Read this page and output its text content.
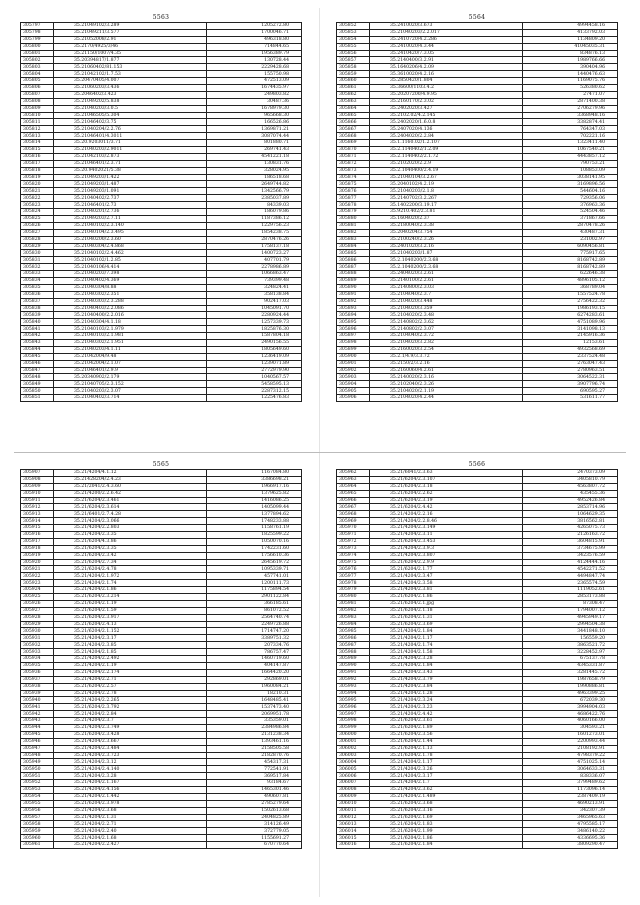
5563
305797	35.21049102/3.289	1205272.80
305798	35.21049211/3.577	1700046.71
305799	35.21052008/2.91	496318.80
305800	35.2170/4925/3/46	714844.65
305801	35.21150/1007/4.35	1956389.79
305802	35.20394817/1.877	130728.44
305803	35.21060402/81.153	2229428.68
305804	35.21042102/1.7.53	155750.98
305805	35.20470405/4.007	472513.09
305806	35.21060203/3.436	1674435.97
305807	35.2046402/3.423	249803.82
305808	35.21049202/5.838	30487.36
305809	35.21040203/3.0.5	1678979.30
305810	35.21046505/5.304	965668.30
305811	35.21046402/3.75	166526.86
305812	35.21040204/2.2.76	1369871.21
305813	35.21046401/4.3011	3087074.44
305814	35.20.9203011/3.71	801880.71
305815	35.21040203/2.9011	269741.43
305816	35.21042103/2.873	4541221.18
305817	35.21046401/2.3.71	130831.76
305818	35.20.9402021/5.38	328024.95
305819	35.21049203/1.422	186518.68
305820	35.21049203/1.487	2649744.82
305821	35.21049203/1.091	1342566.79
305822	35.21040402/2.737	2385037.89
305823	35.21046401/2.73	84339.03
305824	35.21040201/2.736	186079.86
305825	35.21049203/2.7.11	1187386.12
305826	35.21040102/2.3.140	1229756.23
305827	35.21040104/2.3.495	1854238.75
305828	35.21040200/2.3.60	2870476.26
305829	35.21040304/2.4.868	1758137.18
305830	35.21040102/2.4.462	1400723.27
305831	35.21040102/1.2.85	407701.79
305832	35.21040106/4.414	2278986.89
305833	35.21040203/7.398	1066863.47
305834	35.21040402/4.369	739399.48
305835	35.21040304/8.88	324824.41
305836	35.21040302/2.351	358138.84
305837	35.21040303/2.3.288	902417.03
305838	35.21040403/2.2.086	1045091.70
305839	35.21040400/2.2.016	2280924.44
305840	35.21040304/4.1.18	1257339.73
305841	35.21040103/2.1.979	1825876.30
305842	35.21040103/2.1.981	1587804.18
305843	35.21040302/2.1.951	2490156.55
305844	35.21040203/4.1.11	1805649.60
305845	35.21042004/9.48	1236419.09
305846	35.21042004/2.1.07	1239071.89
305847	35.21046401/2.9.9	2772979.90
305848	35.20340902/2.179	1040567.57
305849	35.21040705/2.3.152	5458595.13
305850	35.21040203/2.3.07	2287312.15
305851	35.21040402/3.714	1225476.83
5564
305852	35.2410020/3.673	4994458.16
305853	35.21040203/2.2.017	4133792.03
305854	35.2410720/4.2.286	1134809.20
305855	35.2410020/4.3.44	41045035.31
305856	35.2410420/7.3.05	834876.13
305857	35.2140400/3.2.91	1989766.66
305858	35.1640206/4.2.09	390404.96
305859	35.3610020/4.2.16	1440476.63
305860	35.2850420/1.804	1169075.76
305861	35.36600/1103.4.2	526380.62
305862	35.20207200/4.9.95	27471.07
305863	35.2160170/2.3.02	2871400.38
305864	35.2402020/3.427	2706279.96
305865	35.2102.02/4.2.145	3368948.16
305866	35.2402020/1.6.0.8	3382874.41
305867	35.2407020/4.136	764347.03
305868	35.2404020/2.2.84	702221.16
305869	35.1.1160.02/1.2.107	1323411.40
305870	35.2.1140402/1.2.09	1067540.21
305871	35.2.1140402/2.1.72	4443857.12
305872	35.2102020/2.2.9	790753.21
305873	35.2.1040400/2.4.19	108853.09
305874	35.21040104/3.2.67	3038141.95
305875	35.2040102/4.2.19	3169896.56
305876	35.21040203/2.1.8	544604.16
305877	35.2140702/3.2.267	729356.06
305878	35.1402200/3.19.17	376963.36
305879	35.9210.402/2.3.81	524504.46
305880	35.1604020/2.37	371867.66
305881	35.2180040/2.3.38	2870478.26
305882	35.2040204/3.754	430487.31
305883	35.2100240/2.3.26	231002.97
305884	35.2401020/3.2.16	6090456.81
305885	35.21040203/1.87	775917.65
305886	35.2.1040200/2.3.68	8168742.89
305887	35.2.1040200/2.3.68	8168742.89
305888	35.2404020/3.2.61	622646.38
305889	35.2140100/2.2.61	4896105.12
305890	35.2140800/2.3.03	368789.04
305891	35.2104040/2.3.7	1557524.78
305892	35.2104020/3.448	2756422.32
305893	35.2104020/3.359	1986193.15
305894	35.2104020/2.3.48	6274283.61
305895	35.2140802/2.3.62	4751089.96
305896	35.2140802/2.3.07	3141098.13
305897	35.2104040/2.3.72	2145916.36
305898	35.2104020/3.2.82	12153.61
305899	35.2160020/3.2.54	4932568.69
305900	35.2.1/4.9/3.3.72	2337524.48
305901	35.2150/2/3.2.16	2763047.43
305902	35.2160060/4.2.61	2780963.51
305903	35.2140020/2.3.16	3064522.31
305904	35.2102040/2.3.26	3907796.74
305905	35.2104020/2.1.19	690595.27
305906	35.2104020/4.2.44	531611.77
5565
305907	35.21/4204/4.1.12	1167084.80
305908	35.21428204/2.4.23	3386698.21
305909	35.21/2041/2.4.3.60	1966917.16
305910	35.21/4200/2.2.6.42	1379625.82
305911	35.21/6204/2.3.461	1416086.25
305912	35.21/6204/2.3.614	1405099.44
305913	35.21/6401/2.7.4.28	1377894.62
305914	35.21/4204/2.3.066	1748233.88
305915	35.21/4204/2.2.803	1158761.19
305916	35.21/4204/2.3.35	1825599.22
305917	35.21/6204/4.3.86	1050070.16
305918	35.21/6204/2.3.35	1742231.60
305919	35.21/6204/2.3.42	1756610.36
305920	35.21/6204/2.7.34	2645619.72
305921	35.21/6204/2.4.78	1095339.71
305922	35.21/4204/2.1.972	457741.01
305923	35.21/4204/2.1.74	1200111.73
305924	35.21/4204/2.1.86	1175894.54
305925	35.21/6204/2.3.214	2901122.84
305926	35.21/6204/2.1.19	366185.61
305927	35.21/6204/2.1.59	861072.52
305928	35.21/6204/2.3.917	2564740.74
305929	35.21/6204/2.4.13	2249726.88
305930	35.21/6204/2.1.152	1714747.20
305931	35.21/4204/2.3.17	3389751.32
305932	35.21/4204/2.3.85	207334.76
305933	35.21/4204/2.1.85	786757.47
305934	35.21/4204/2.2.492	1460719.60
305935	35.21/4204/2.1.19	404147.87
305936	35.21/4204/2.2.174	1664420.20
305937	35.21/4204/2.2.71	292869.01
305938	35.21/6204/2.2.57	1960084.21
305939	35.21/4204/2.2.78	18210.31
305940	35.21/4204/2.2.265	1648485.41
305941	35.21/6204/2.3.792	1537473.40
305942	35.21/4204/2.2.84	2069951.78
305943	35.21/4204/2.3.7	335359.01
305944	35.21/4204/2.3.749	2384986.84
305945	35.21/6204/2.3.428	2131238.34
305946	35.21/4204/2.3.667	1393461.16
305947	35.21/4204/2.3.484	2158505.58
305948	35.21/4204/2.3.723	2182870.76
305949	35.21/4204/2.3.12	454317.31
305950	35.21/4204/2.4.140	772541.91
305951	35.21/4204/2.3.28	369517.84
305952	35.21/4204/2.1.167	93184.67
305953	35.21/4204/2.4.156	1465301.46
305954	35.21/4204/2.1.442	490607.81
305955	35.21/6204/2.3.978	2785279.64
305956	35.21/4204/2.3.68	1502613.68
305957	35.21/4204/2.1.31	2404825.89
305958	35.21/4204/2.2.71	314126.49
305959	35.21/4204/2.2.40	372779.05
305960	35.21/4204/2.1.68	1155691.27
305961	35.21/4204/2.2.427	670770.64
5566
305962	35.21/6041/2.3.63	2470373.09
305963	35.21/6204/2.3.107	3405810.79
305964	35.21/6204/2.3.18	4563807.72
305965	35.21/6204/2.2.62	435455.36
305966	35.21/6204/2.3.19	4952426.84
305967	35.21/6204/2.4.42	2853714.96
305968	35.21/4204/2.2.16	1064629.35
305969	35.21/4204/2.2.8.46	3816562.81
305970	35.21/4204/2.3.149	4265075.73
305971	35.21/4204/2.3.11	2126163.72
305972	35.21/6204/2.3.453	3604815.91
305973	35.21/4204/2.3.9.3	3734675.99
305974	35.21/4204/2.3.807	3423576.59
305975	35.21/6204/2.2.9.9	4124444.16
305976	35.21/6204/2.1.77	4542271.52
305977	35.21/4204/2.3.47	4494847.74
305978	35.21/4204/2.3.58	2365574.59
305979	35.21/4204/2.3.81	1119052.61
305980	35.21/6204/2.1.86	2853173.88
305981	35.21/6204/2.1.jpg	87308.47
305982	35.21/6204/2.1.18	1794007.12
305983	35.21/6204/2.1.31	4945949.17
305984	35.21/6204/2.3.69	2994504.38
305985	35.21/4204/2.1.84	3441848.10
305986	35.21/4204/2.1.17	156559.20
305987	35.21/4204/2.1.74	3863521.72
305988	35.21/4204/2.1.58	3228452.97
305989	35.21/4204/2.3.28	675137.78
305990	35.21/4204/2.1.84	4345331.87
305991	35.21/4204/2.3.43	3281445.72
305992	35.21/4204/2.3.79	1987658.79
305993	35.21/4204/2.3.84	1990886.81
305994	35.21/4204/2.1.28	4963399.25
305995	35.21/4204/2.3.24	672039.30
305996	35.21/4204/2.3.23	3994904.03
305997	35.21/4204/2.4.42	4686422.76
305998	35.21/6204/2.3.61	4060166.00
305999	35.21/6204/2.1.89	304593.21
306000	35.21/6204/2.3.56	1601273.01
306001	35.21/6204/2.1.44	2200993.44
306002	35.21/6204/2.1.13	2108192.91
306003	35.21/6204/2.1.78	4798379.22
306004	35.21/4204/2.1.17	4751025.14
306005	35.21/4204/2.3.26	3064633.31
306006	35.21/4204/2.3.17	838336.07
306007	35.21/4204/2.1.7	3799489.62
306008	35.21/4204/2.3.62	1173096.14
306009	35.21/4204/2.1.489	2387409.19
306010	35.21/6204/2.3.68	4690213.91
306011	35.21/6204/2.3.16	342307.39
306012	35.21/6204/2.1.69	3465965.63
306013	35.21/6204/2.1.83	4795585.17
306014	35.21/6204/2.1.99	3486140.22
306015	35.21/6204/2.1.86	4336695.36
306016	35.21/6204/2.1.84	3809290.47
